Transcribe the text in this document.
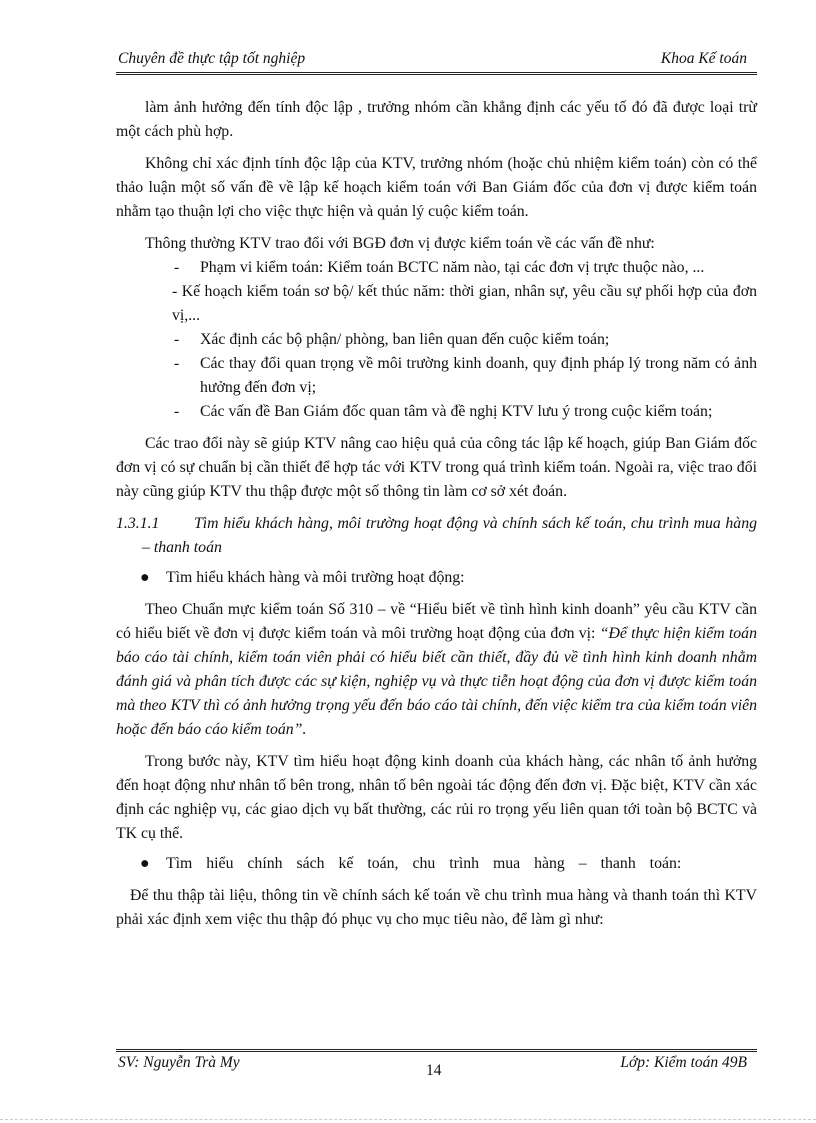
Chuyên đề thực tập tốt nghiệp	Khoa Kế toán

làm ảnh hưởng đến tính độc lập , trưởng nhóm cần khẳng định các yếu tố đó đã được loại trừ một cách phù hợp.

Không chỉ xác định tính độc lập của KTV, trưởng nhóm (hoặc chủ nhiệm kiểm toán) còn có thể thảo luận một số vấn đề về lập kế hoạch kiểm toán với Ban Giám đốc của đơn vị được kiểm toán nhằm tạo thuận lợi cho việc thực hiện và quản lý cuộc kiểm toán.

Thông thường KTV trao đổi với BGĐ đơn vị được kiểm toán về các vấn đề như:

- Phạm vi kiểm toán: Kiểm toán BCTC năm nào, tại các đơn vị trực thuộc nào, ...

- Kế hoạch kiểm toán sơ bộ/ kết thúc năm: thời gian, nhân sự, yêu cầu sự phối hợp của đơn vị,...

- Xác định các bộ phận/ phòng, ban liên quan đến cuộc kiểm toán;

- Các thay đổi quan trọng về môi trường kinh doanh, quy định pháp lý trong năm có ảnh hưởng đến đơn vị;

- Các vấn đề Ban Giám đốc quan tâm và đề nghị KTV lưu ý trong cuộc kiểm toán;

Các trao đổi này sẽ giúp KTV nâng cao hiệu quả của công tác lập kế hoạch, giúp Ban Giám đốc đơn vị có sự chuẩn bị cần thiết để hợp tác với KTV trong quá trình kiểm toán. Ngoài ra, việc trao đổi này cũng giúp KTV thu thập được một số thông tin làm cơ sở xét đoán.

1.3.1.1 Tìm hiểu khách hàng, môi trường hoạt động và chính sách kế toán, chu trình mua hàng – thanh toán

● Tìm hiểu khách hàng và môi trường hoạt động:

Theo Chuẩn mực kiểm toán Số 310 – về “Hiểu biết về tình hình kinh doanh” yêu cầu KTV cần có hiểu biết về đơn vị được kiểm toán và môi trường hoạt động của đơn vị: “Để thực hiện kiểm toán báo cáo tài chính, kiểm toán viên phải có hiểu biết cần thiết, đầy đủ về tình hình kinh doanh nhằm đánh giá và phân tích được các sự kiện, nghiệp vụ và thực tiễn hoạt động của đơn vị được kiểm toán mà theo KTV thì có ảnh hưởng trọng yếu đến báo cáo tài chính, đến việc kiểm tra của kiểm toán viên hoặc đến báo cáo kiểm toán”.

Trong bước này, KTV tìm hiểu hoạt động kinh doanh của khách hàng, các nhân tố ảnh hưởng đến hoạt động như nhân tố bên trong, nhân tố bên ngoài tác động đến đơn vị. Đặc biệt, KTV cần xác định các nghiệp vụ, các giao dịch vụ bất thường, các rủi ro trọng yếu liên quan tới toàn bộ BCTC và TK cụ thể.

● Tìm hiểu chính sách kế toán, chu trình mua hàng – thanh toán:

Để thu thập tài liệu, thông tin về chính sách kế toán về chu trình mua hàng và thanh toán thì KTV phải xác định xem việc thu thập đó phục vụ cho mục tiêu nào, để làm gì như:

SV: Nguyễn Trà My	14	Lớp: Kiểm toán 49B
